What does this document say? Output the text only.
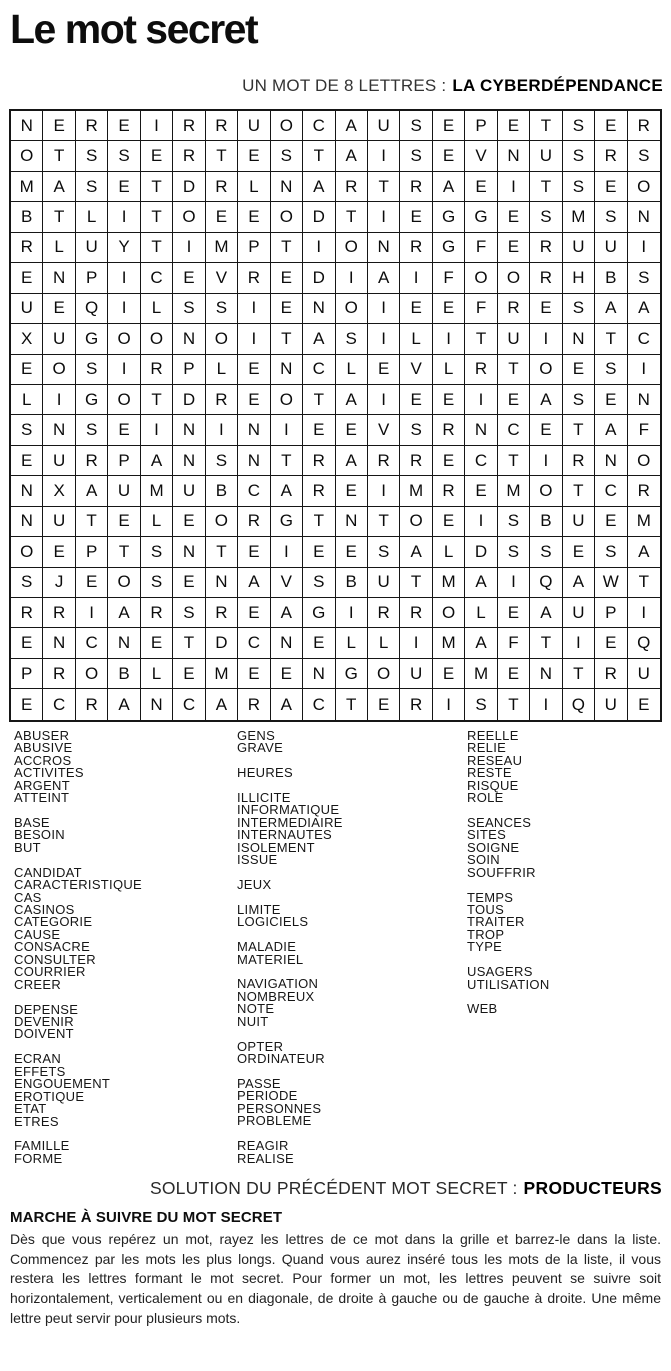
Le mot secret
UN MOT DE 8 LETTRES : LA CYBERDÉPENDANCE
N	E	R	E	I	R	R	U	O	C	A	U	S	E	P	E	T	S	E	R
O	T	S	S	E	R	T	E	S	T	A	I	S	E	V	N	U	S	R	S
M	A	S	E	T	D	R	L	N	A	R	T	R	A	E	I	T	S	E	O
B	T	L	I	T	O	E	E	O	D	T	I	E	G	G	E	S	M	S	N
R	L	U	Y	T	I	M	P	T	I	O	N	R	G	F	E	R	U	U	I
E	N	P	I	C	E	V	R	E	D	I	A	I	F	O	O	R	H	B	S
U	E	Q	I	L	S	S	I	E	N	O	I	E	E	F	R	E	S	A	A
X	U	G	O	O	N	O	I	T	A	S	I	L	I	T	U	I	N	T	C
E	O	S	I	R	P	L	E	N	C	L	E	V	L	R	T	O	E	S	I
L	I	G	O	T	D	R	E	O	T	A	I	E	E	I	E	A	S	E	N
S	N	S	E	I	N	I	N	I	E	E	V	S	R	N	C	E	T	A	F
E	U	R	P	A	N	S	N	T	R	A	R	R	E	C	T	I	R	N	O
N	X	A	U	M	U	B	C	A	R	E	I	M	R	E	M	O	T	C	R
N	U	T	E	L	E	O	R	G	T	N	T	O	E	I	S	B	U	E	M
O	E	P	T	S	N	T	E	I	E	E	S	A	L	D	S	S	E	S	A
S	J	E	O	S	E	N	A	V	S	B	U	T	M	A	I	Q	A	W	T
R	R	I	A	R	S	R	E	A	G	I	R	R	O	L	E	A	U	P	I
E	N	C	N	E	T	D	C	N	E	L	L	I	M	A	F	T	I	E	Q
P	R	O	B	L	E	M	E	E	N	G	O	U	E	M	E	N	T	R	U
E	C	R	A	N	C	A	R	A	C	T	E	R	I	S	T	I	Q	U	E
ABUSER
ABUSIVE
ACCROS
ACTIVITES
ARGENT
ATTEINT
BASE
BESOIN
BUT
CANDIDAT
CARACTERISTIQUE
CAS
CASINOS
CATEGORIE
CAUSE
CONSACRE
CONSULTER
COURRIER
CREER
DEPENSE
DEVENIR
DOIVENT
ECRAN
EFFETS
ENGOUEMENT
EROTIQUE
ETAT
ETRES
FAMILLE
FORME
GENS
GRAVE
HEURES
ILLICITE
INFORMATIQUE
INTERMEDIAIRE
INTERNAUTES
ISOLEMENT
ISSUE
JEUX
LIMITE
LOGICIELS
MALADIE
MATERIEL
NAVIGATION
NOMBREUX
NOTE
NUIT
OPTER
ORDINATEUR
PASSE
PERIODE
PERSONNES
PROBLEME
REAGIR
REALISE
REELLE
RELIE
RESEAU
RESTE
RISQUE
ROLE
SEANCES
SITES
SOIGNE
SOIN
SOUFFRIR
TEMPS
TOUS
TRAITER
TROP
TYPE
USAGERS
UTILISATION
WEB
SOLUTION DU PRÉCÉDENT MOT SECRET : PRODUCTEURS
MARCHE À SUIVRE DU MOT SECRET

Dès que vous repérez un mot, rayez les lettres de ce mot dans la grille et barrez-le dans la liste. Commencez par les mots les plus longs. Quand vous aurez inséré tous les mots de la liste, il vous restera les lettres formant le mot secret. Pour former un mot, les lettres peuvent se suivre soit horizontalement, verticalement ou en diagonale, de droite à gauche ou de gauche à droite. Une même lettre peut servir pour plusieurs mots.
